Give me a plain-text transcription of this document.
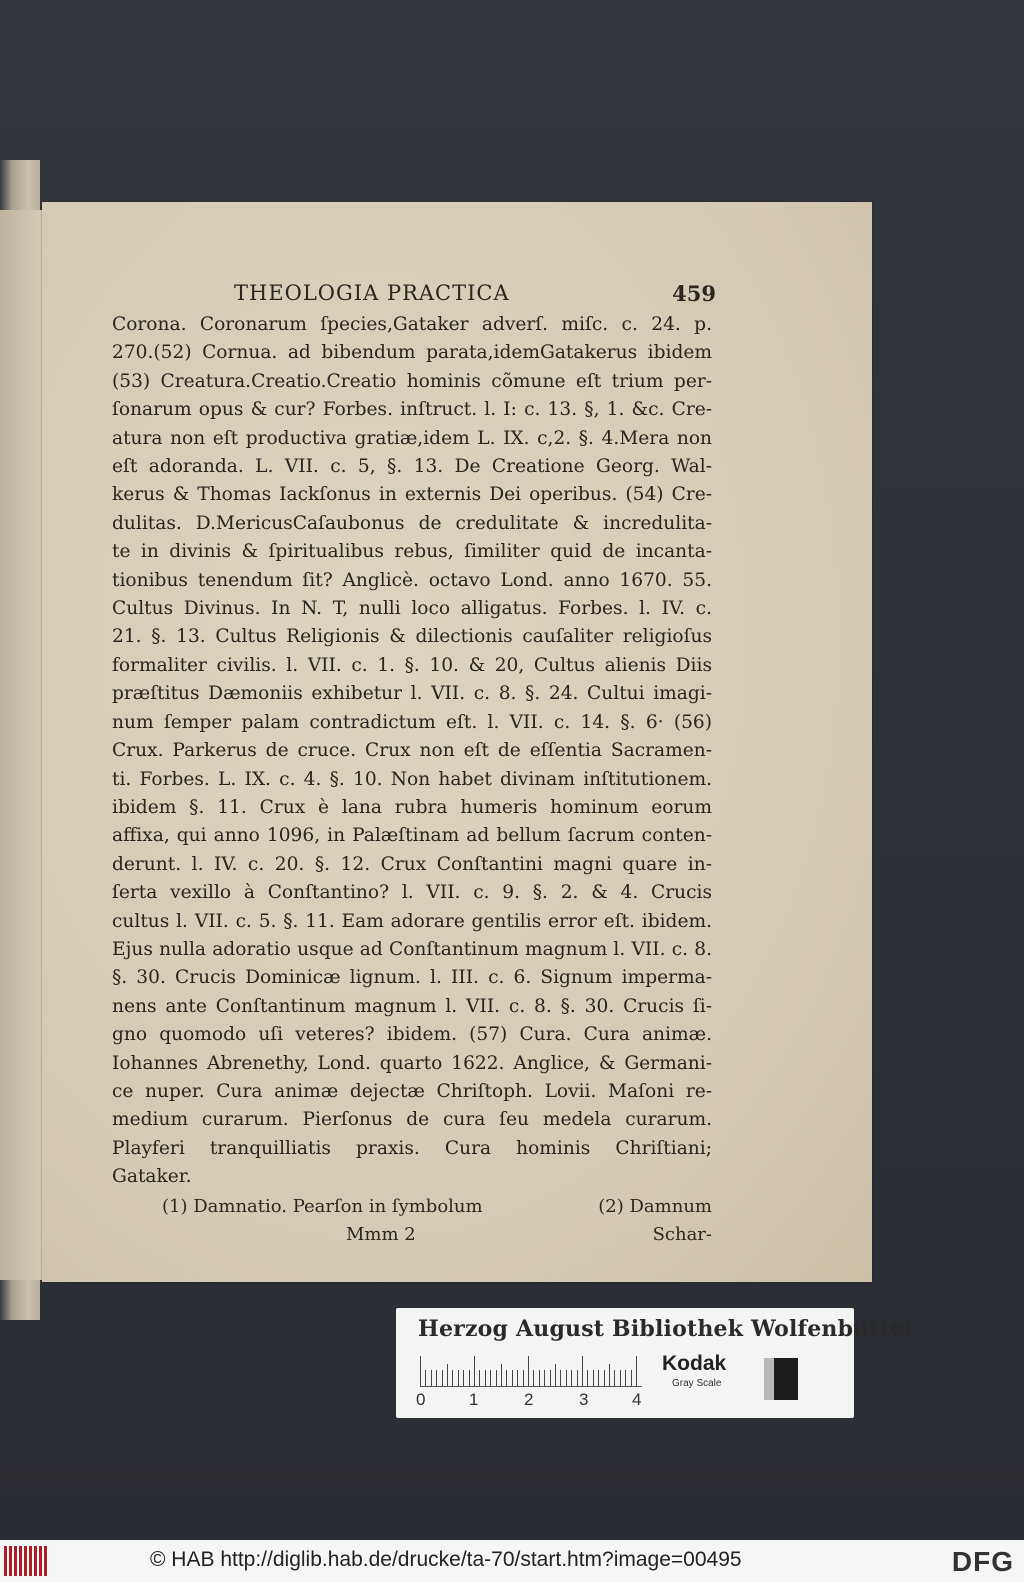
THEOLOGIA PRACTICA	459
Corona. Coronarum ſpecies,Gataker adverſ. miſc. c. 24. p.
270.(52) Cornua. ad bibendum parata,idemGatakerus ibidem
(53) Creatura.Creatio.Creatio hominis cõmune eſt trium per-
ſonarum opus & cur? Forbes. inſtruct. l. I: c. 13. §, 1. &c. Cre-
atura non eſt productiva gratiæ,idem L. IX. c,2. §. 4.Mera non
eſt adoranda. L. VII. c. 5, §. 13. De Creatione Georg. Wal-
kerus & Thomas Iackſonus in externis Dei operibus. (54) Cre-
dulitas. D.MericusCaſaubonus de credulitate & incredulita-
te in divinis & ſpiritualibus rebus, ſimiliter quid de incanta-
tionibus tenendum ſit? Anglicè. octavo Lond. anno 1670. 55.
Cultus Divinus. In N. T, nulli loco alligatus. Forbes. l. IV. c.
21. §. 13. Cultus Religionis & dilectionis cauſaliter religioſus
formaliter civilis. l. VII. c. 1. §. 10. & 20, Cultus alienis Diis
præſtitus Dæmoniis exhibetur l. VII. c. 8. §. 24. Cultui imagi-
num ſemper palam contradictum eſt. l. VII. c. 14. §. 6· (56)
Crux. Parkerus de cruce. Crux non eſt de eſſentia Sacramen-
ti. Forbes. L. IX. c. 4. §. 10. Non habet divinam inſtitutionem.
ibidem §. 11. Crux è lana rubra humeris hominum eorum
affixa, qui anno 1096, in Palæſtinam ad bellum ſacrum conten-
derunt. l. IV. c. 20. §. 12. Crux Conſtantini magni quare in-
ſerta vexillo à Conſtantino? l. VII. c. 9. §. 2. & 4. Crucis
cultus l. VII. c. 5. §. 11. Eam adorare gentilis error eſt. ibidem.
Ejus nulla adoratio usque ad Conſtantinum magnum l. VII. c. 8.
§. 30. Crucis Dominicæ lignum. l. III. c. 6. Signum imperma-
nens ante Conſtantinum magnum l. VII. c. 8. §. 30. Crucis ſi-
gno quomodo uſi veteres? ibidem. (57) Cura. Cura animæ.
Iohannes Abrenethy, Lond. quarto 1622. Anglice, & Germani-
ce nuper. Cura animæ dejectæ Chriſtoph. Lovii. Maſoni re-
medium curarum. Pierſonus de cura ſeu medela curarum.
Playferi tranquilliatis praxis. Cura hominis Chriſtiani;
Gataker.
(1) Damnatio. Pearſon in ſymbolum	(2) Damnum
Mmm 2	Schar-
Herzog August Bibliothek Wolfenbüttel
0	1	2	3	4
Kodak
Gray Scale
© HAB http://diglib.hab.de/drucke/ta-70/start.htm?image=00495	DFG
